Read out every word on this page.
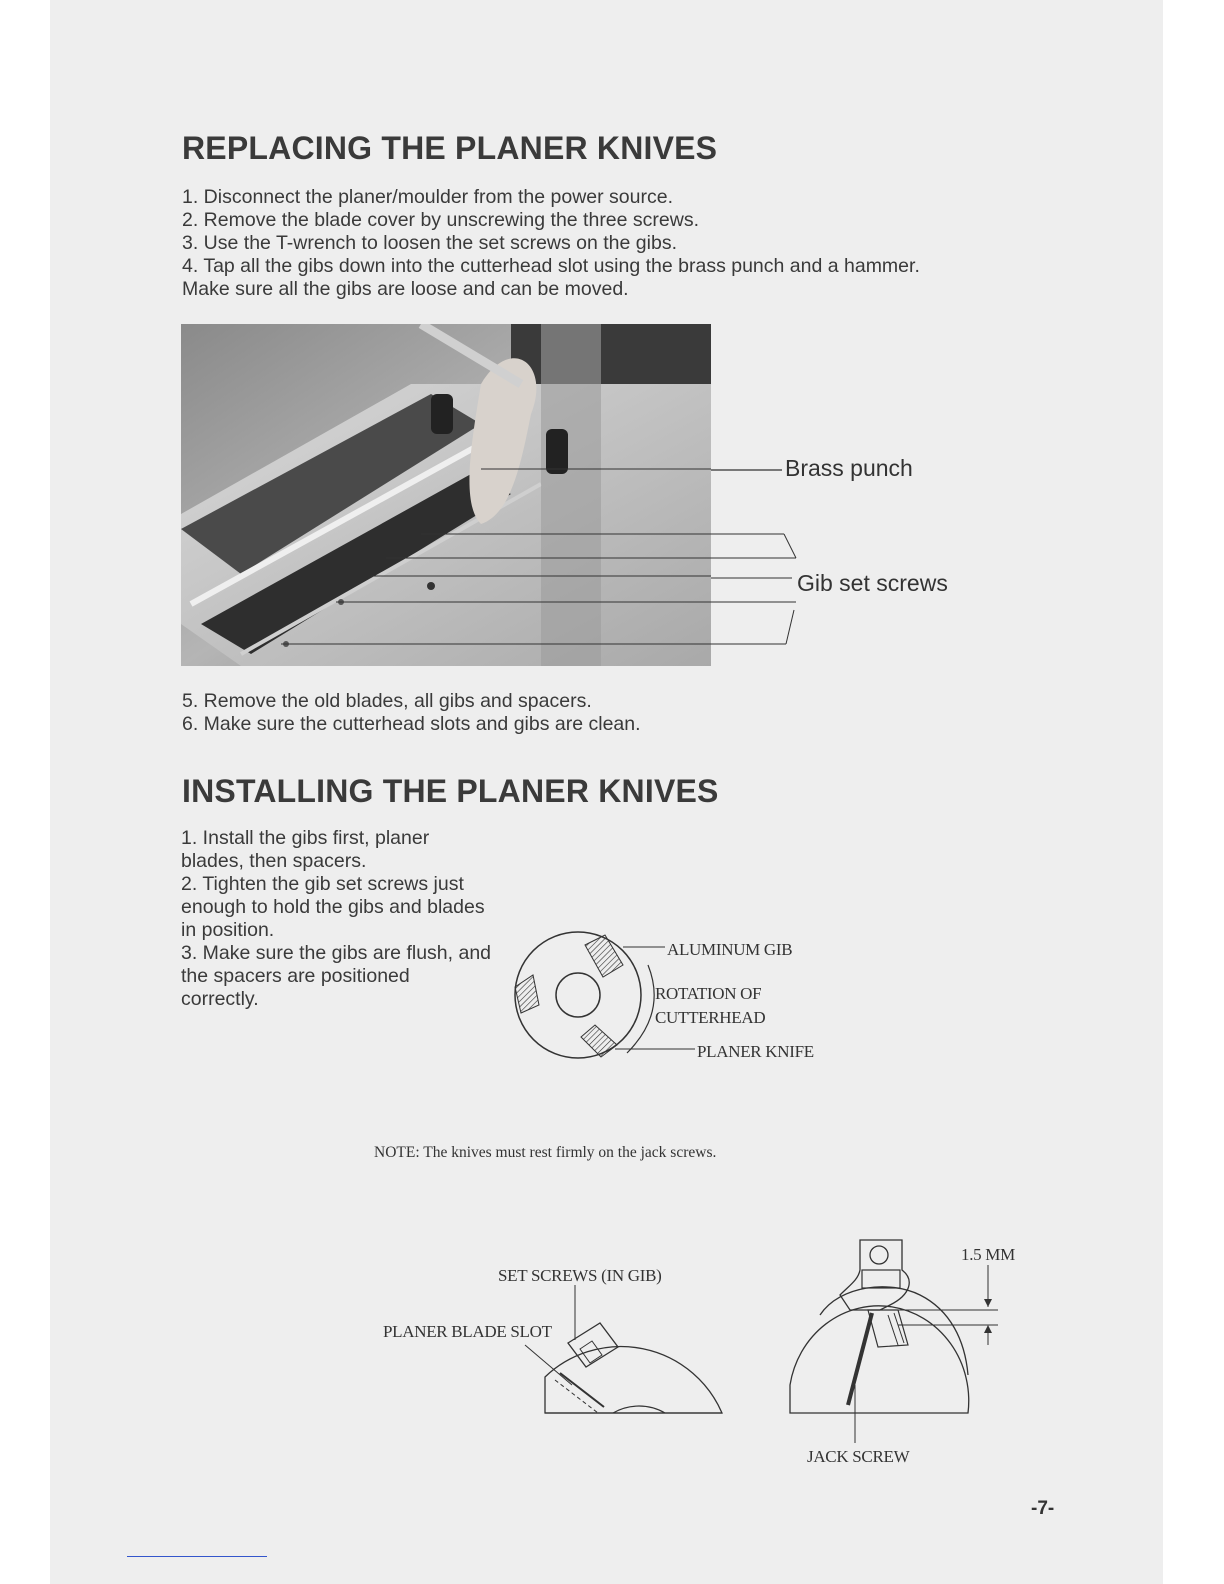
REPLACING THE PLANER KNIVES
1. Disconnect the planer/moulder from the power source.
2. Remove the blade cover by unscrewing the three screws.
3. Use the T-wrench to loosen the set screws on the gibs.
4. Tap all the gibs down into the cutterhead slot using the brass punch and a hammer.
Make sure all the gibs are loose and can be moved.
Brass punch
Gib set screws
5. Remove the old blades, all gibs and spacers.
6. Make sure the cutterhead slots and gibs are clean.
INSTALLING THE PLANER KNIVES
1. Install the gibs first, planer blades, then spacers.
2. Tighten the gib set screws just enough to hold the gibs and blades in position.
3. Make sure the gibs are flush, and the spacers are positioned correctly.
ALUMINUM GIB
ROTATION OF
CUTTERHEAD
PLANER KNIFE
NOTE: The knives must rest firmly on the jack screws.
SET SCREWS (IN GIB)
PLANER BLADE SLOT
1.5 MM
JACK SCREW
-7-
